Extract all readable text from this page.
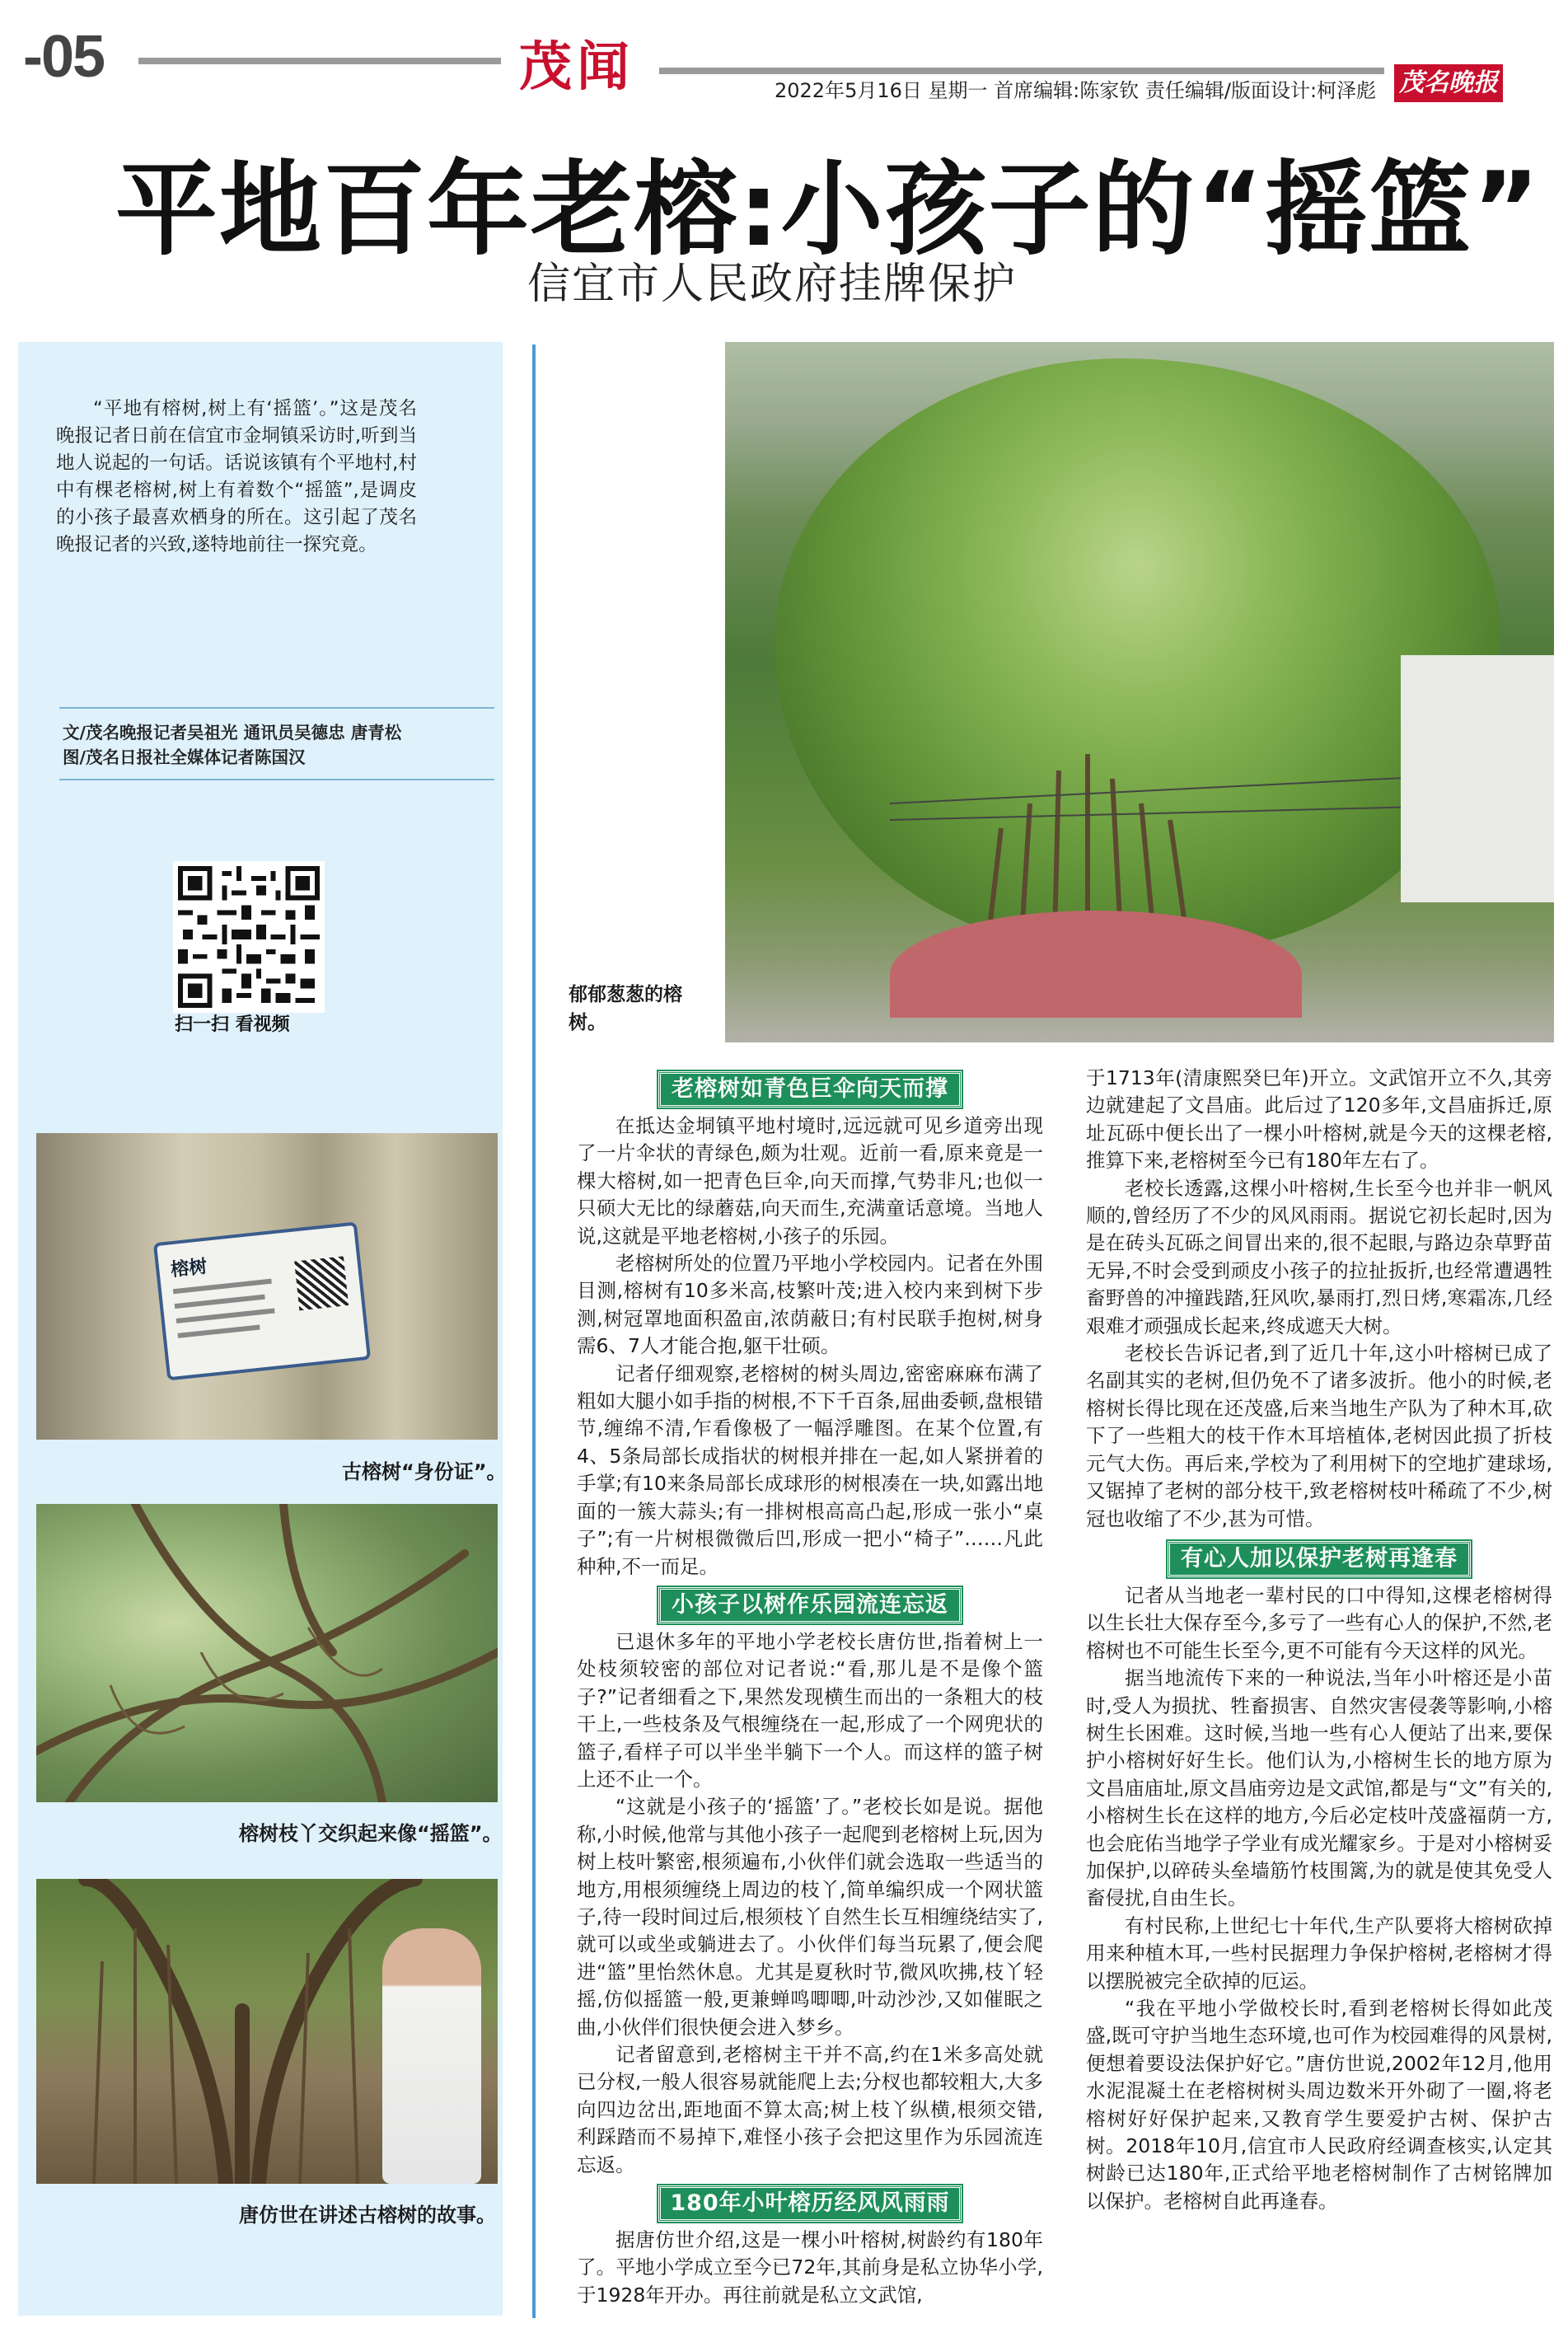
-05	茂闻	2022年5月16日 星期一 首席编辑:陈家钦 责任编辑/版面设计:柯泽彪 茂名晚报
平地百年老榕:小孩子的“摇篮”
信宜市人民政府挂牌保护
“平地有榕树,树上有‘摇篮’。”这是茂名晚报记者日前在信宜市金垌镇采访时,听到当地人说起的一句话。话说该镇有个平地村,村中有棵老榕树,树上有着数个“摇篮”,是调皮的小孩子最喜欢栖身的所在。这引起了茂名晚报记者的兴致,遂特地前往一探究竟。
文/茂名晚报记者吴祖光 通讯员吴德忠 唐青松
图/茂名日报社全媒体记者陈国汉
扫一扫 看视频
榕树
古榕树“身份证”。
榕树枝丫交织起来像“摇篮”。
唐仿世在讲述古榕树的故事。
郁郁葱葱的榕树。
老榕树如青色巨伞向天而撑

在抵达金垌镇平地村境时,远远就可见乡道旁出现了一片伞状的青绿色,颇为壮观。近前一看,原来竟是一棵大榕树,如一把青色巨伞,向天而撑,气势非凡;也似一只硕大无比的绿蘑菇,向天而生,充满童话意境。当地人说,这就是平地老榕树,小孩子的乐园。

老榕树所处的位置乃平地小学校园内。记者在外围目测,榕树有10多米高,枝繁叶茂;进入校内来到树下步测,树冠罩地面积盈亩,浓荫蔽日;有村民联手抱树,树身需6、7人才能合抱,躯干壮硕。

记者仔细观察,老榕树的树头周边,密密麻麻布满了粗如大腿小如手指的树根,不下千百条,屈曲委顿,盘根错节,缠绵不清,乍看像极了一幅浮雕图。在某个位置,有4、5条局部长成指状的树根并排在一起,如人紧拼着的手掌;有10来条局部长成球形的树根凑在一块,如露出地面的一簇大蒜头;有一排树根高高凸起,形成一张小“桌子”;有一片树根微微后凹,形成一把小“椅子”……凡此种种,不一而足。

小孩子以树作乐园流连忘返

已退休多年的平地小学老校长唐仿世,指着树上一处枝须较密的部位对记者说:“看,那儿是不是像个篮子?”记者细看之下,果然发现横生而出的一条粗大的枝干上,一些枝条及气根缠绕在一起,形成了一个网兜状的篮子,看样子可以半坐半躺下一个人。而这样的篮子树上还不止一个。

“这就是小孩子的‘摇篮’了。”老校长如是说。据他称,小时候,他常与其他小孩子一起爬到老榕树上玩,因为树上枝叶繁密,根须遍布,小伙伴们就会选取一些适当的地方,用根须缠绕上周边的枝丫,简单编织成一个网状篮子,待一段时间过后,根须枝丫自然生长互相缠绕结实了,就可以或坐或躺进去了。小伙伴们每当玩累了,便会爬进“篮”里怡然休息。尤其是夏秋时节,微风吹拂,枝丫轻摇,仿似摇篮一般,更兼蝉鸣唧唧,叶动沙沙,又如催眠之曲,小伙伴们很快便会进入梦乡。

记者留意到,老榕树主干并不高,约在1米多高处就已分杈,一般人很容易就能爬上去;分杈也都较粗大,大多向四边岔出,距地面不算太高;树上枝丫纵横,根须交错,利踩踏而不易掉下,难怪小孩子会把这里作为乐园流连忘返。

180年小叶榕历经风风雨雨

据唐仿世介绍,这是一棵小叶榕树,树龄约有180年了。平地小学成立至今已72年,其前身是私立协华小学,于1928年开办。再往前就是私立文武馆,

于1713年(清康熙癸巳年)开立。文武馆开立不久,其旁边就建起了文昌庙。此后过了120多年,文昌庙拆迁,原址瓦砾中便长出了一棵小叶榕树,就是今天的这棵老榕,推算下来,老榕树至今已有180年左右了。

老校长透露,这棵小叶榕树,生长至今也并非一帆风顺的,曾经历了不少的风风雨雨。据说它初长起时,因为是在砖头瓦砾之间冒出来的,很不起眼,与路边杂草野苗无异,不时会受到顽皮小孩子的拉扯扳折,也经常遭遇牲畜野兽的冲撞践踏,狂风吹,暴雨打,烈日烤,寒霜冻,几经艰难才顽强成长起来,终成遮天大树。

老校长告诉记者,到了近几十年,这小叶榕树已成了名副其实的老树,但仍免不了诸多波折。他小的时候,老榕树长得比现在还茂盛,后来当地生产队为了种木耳,砍下了一些粗大的枝干作木耳培植体,老树因此损了折枝元气大伤。再后来,学校为了利用树下的空地扩建球场,又锯掉了老树的部分枝干,致老榕树枝叶稀疏了不少,树冠也收缩了不少,甚为可惜。

有心人加以保护老树再逢春

记者从当地老一辈村民的口中得知,这棵老榕树得以生长壮大保存至今,多亏了一些有心人的保护,不然,老榕树也不可能生长至今,更不可能有今天这样的风光。

据当地流传下来的一种说法,当年小叶榕还是小苗时,受人为损扰、牲畜损害、自然灾害侵袭等影响,小榕树生长困难。这时候,当地一些有心人便站了出来,要保护小榕树好好生长。他们认为,小榕树生长的地方原为文昌庙庙址,原文昌庙旁边是文武馆,都是与“文”有关的,小榕树生长在这样的地方,今后必定枝叶茂盛福荫一方,也会庇佑当地学子学业有成光耀家乡。于是对小榕树妥加保护,以碎砖头垒墙筋竹枝围篱,为的就是使其免受人畜侵扰,自由生长。

有村民称,上世纪七十年代,生产队要将大榕树砍掉用来种植木耳,一些村民据理力争保护榕树,老榕树才得以摆脱被完全砍掉的厄运。

“我在平地小学做校长时,看到老榕树长得如此茂盛,既可守护当地生态环境,也可作为校园难得的风景树,便想着要设法保护好它。”唐仿世说,2002年12月,他用水泥混凝土在老榕树树头周边数米开外砌了一圈,将老榕树好好保护起来,又教育学生要爱护古树、保护古树。2018年10月,信宜市人民政府经调查核实,认定其树龄已达180年,正式给平地老榕树制作了古树铭牌加以保护。老榕树自此再逢春。
